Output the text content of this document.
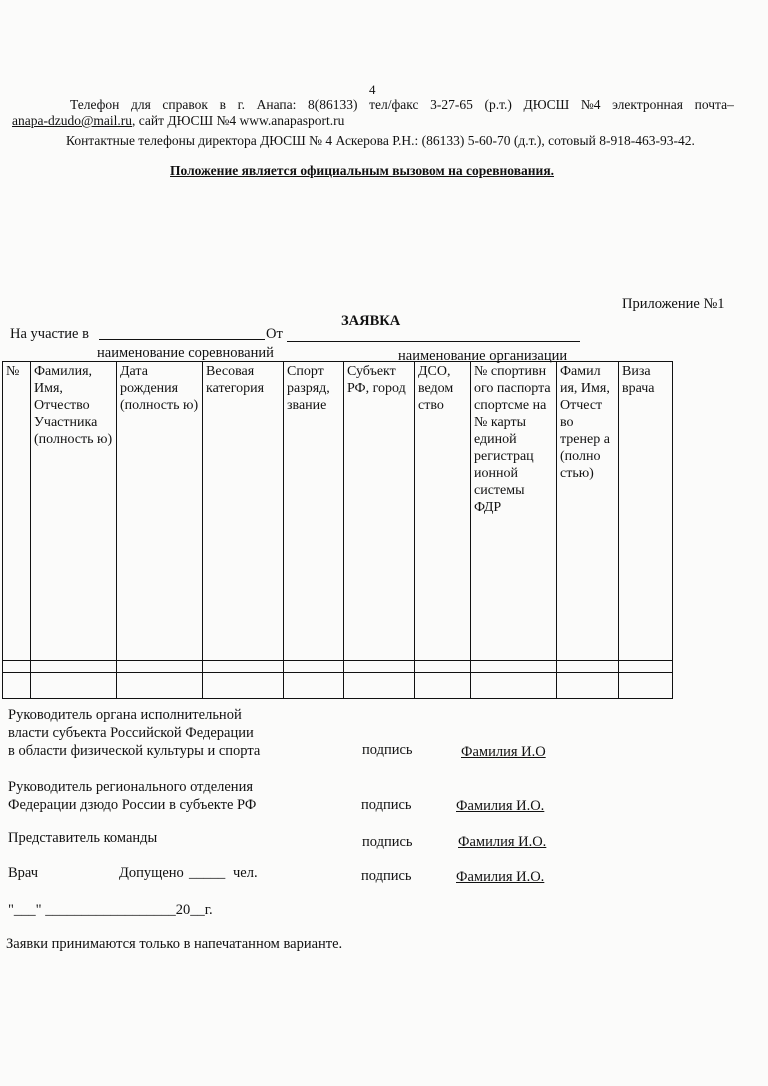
4
Телефон для справок в г. Анапа: 8(86133) тел/факс 3-27-65 (р.т.) ДЮСШ №4 электронная почта–
anapa-dzudo@mail.ru, сайт ДЮСШ №4 www.anapasport.ru
Контактные телефоны директора ДЮСШ № 4 Аскерова Р.Н.: (86133) 5-60-70 (д.т.), сотовый 8-918-463-93-42.
Положение является официальным вызовом на соревнования.
Приложение №1
ЗАЯВКА
На участие в	От
наименование соревнований	наименование организации
№	Фамилия, Имя, Отчество Участника (полность ю)	Дата рождения (полность ю)	Весовая категория	Спорт разряд, звание	Субъект РФ, город	ДСО, ведом ство	№ спортивн ого паспорта спортсме на № карты единой регистрац ионной системы ФДР	Фамил ия, Имя, Отчест во тренер а (полно стью)	Виза врача

Руководитель органа исполнительной
власти субъекта Российской Федерации
в области физической культуры и спорта	подпись	Фамилия И.О
Руководитель регионального отделения
Федерации дзюдо России в субъекте РФ	подпись	Фамилия И.О.
Представитель команды	подпись	Фамилия И.О.
Врач	Допущено _____ чел.	подпись	Фамилия И.О.
"___" __________________20__г.
Заявки принимаются только в напечатанном варианте.
